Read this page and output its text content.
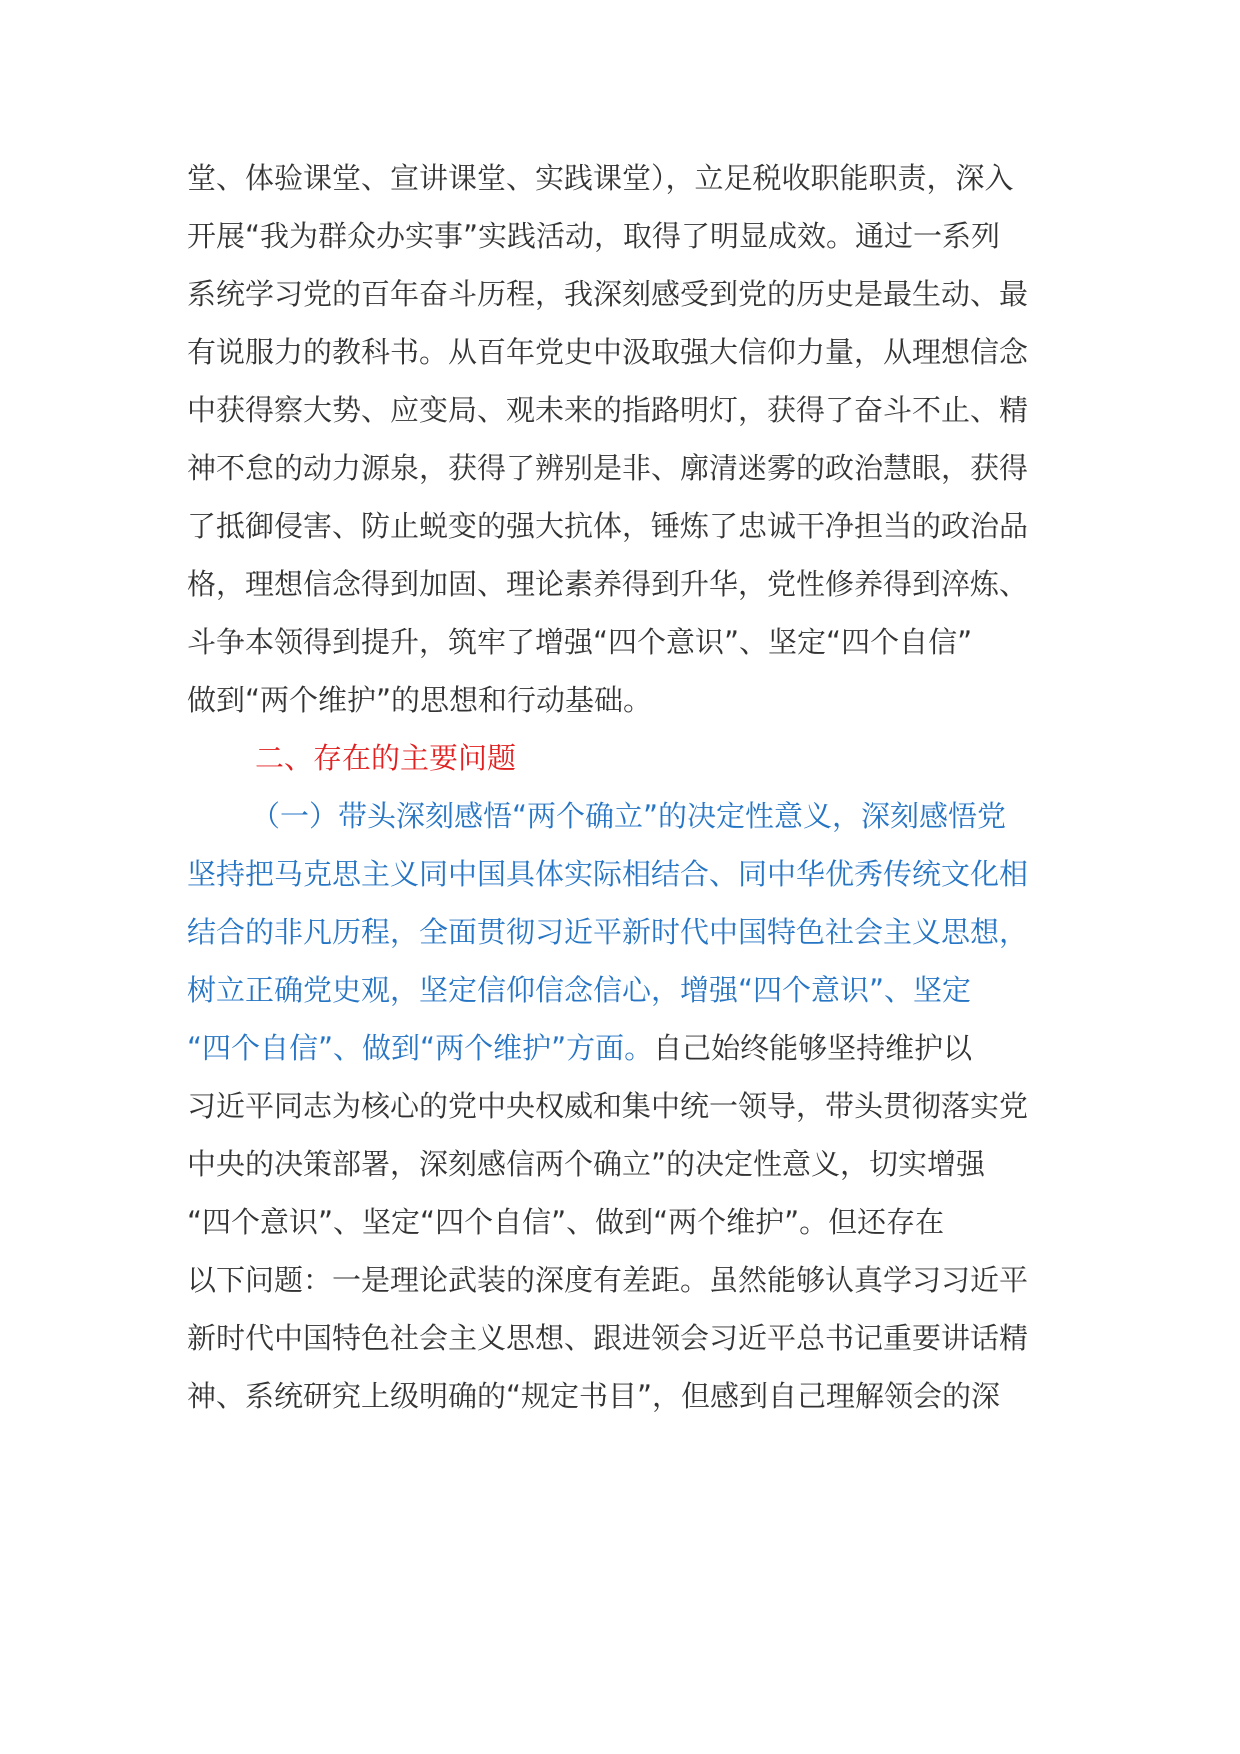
堂、体验课堂、宣讲课堂、实践课堂），立足税收职能职责，深入
开展“我为群众办实事”实践活动，取得了明显成效。通过一系列
系统学习党的百年奋斗历程，我深刻感受到党的历史是最生动、最
有说服力的教科书。从百年党史中汲取强大信仰力量，从理想信念
中获得察大势、应变局、观未来的指路明灯，获得了奋斗不止、精
神不怠的动力源泉，获得了辨别是非、廓清迷雾的政治慧眼，获得
了抵御侵害、防止蜕变的强大抗体，锤炼了忠诚干净担当的政治品
格，理想信念得到加固、理论素养得到升华，党性修养得到淬炼、
斗争本领得到提升，筑牢了增强“四个意识”、坚定“四个自信”
做到“两个维护”的思想和行动基础。
二、存在的主要问题
（一）带头深刻感悟“两个确立”的决定性意义，深刻感悟党
坚持把马克思主义同中国具体实际相结合、同中华优秀传统文化相
结合的非凡历程，全面贯彻习近平新时代中国特色社会主义思想，
树立正确党史观，坚定信仰信念信心，增强“四个意识”、坚定
“四个自信”、做到“两个维护”方面。自己始终能够坚持维护以
习近平同志为核心的党中央权威和集中统一领导，带头贯彻落实党
中央的决策部署，深刻感信两个确立”的决定性意义，切实增强
“四个意识”、坚定“四个自信”、做到“两个维护”。但还存在
以下问题：一是理论武装的深度有差距。虽然能够认真学习习近平
新时代中国特色社会主义思想、跟进领会习近平总书记重要讲话精
神、系统研究上级明确的“规定书目”，但感到自己理解领会的深
